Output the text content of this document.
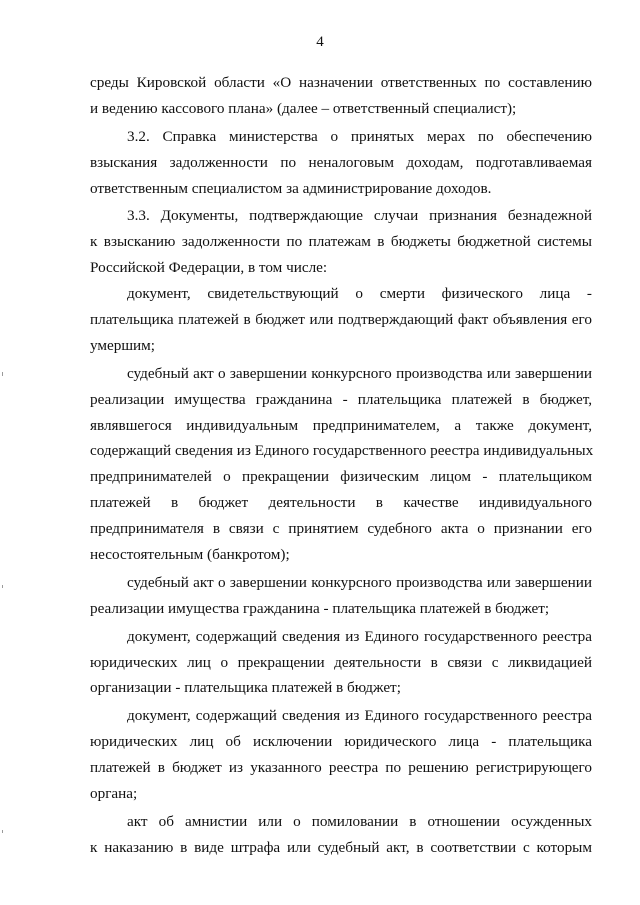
4
среды Кировской области «О назначении ответственных по составлению
и ведению кассового плана» (далее – ответственный специалист);
3.2. Справка министерства о принятых мерах по обеспечению
взыскания задолженности по неналоговым доходам, подготавливаемая
ответственным специалистом за администрирование доходов.
3.3. Документы, подтверждающие случаи признания безнадежной
к взысканию задолженности по платежам в бюджеты бюджетной системы
Российской Федерации, в том числе:
документ, свидетельствующий о смерти физического лица -
плательщика платежей в бюджет или подтверждающий факт объявления его
умершим;
судебный акт о завершении конкурсного производства или завершении
реализации имущества гражданина - плательщика платежей в бюджет,
являвшегося индивидуальным предпринимателем, а также документ,
содержащий сведения из Единого государственного реестра индивидуальных
предпринимателей о прекращении физическим лицом - плательщиком
платежей в бюджет деятельности в качестве индивидуального
предпринимателя в связи с принятием судебного акта о признании его
несостоятельным (банкротом);
судебный акт о завершении конкурсного производства или завершении
реализации имущества гражданина - плательщика платежей в бюджет;
документ, содержащий сведения из Единого государственного реестра
юридических лиц о прекращении деятельности в связи с ликвидацией
организации - плательщика платежей в бюджет;
документ, содержащий сведения из Единого государственного реестра
юридических лиц об исключении юридического лица - плательщика
платежей в бюджет из указанного реестра по решению регистрирующего
органа;
акт об амнистии или о помиловании в отношении осужденных
к наказанию в виде штрафа или судебный акт, в соответствии с которым
